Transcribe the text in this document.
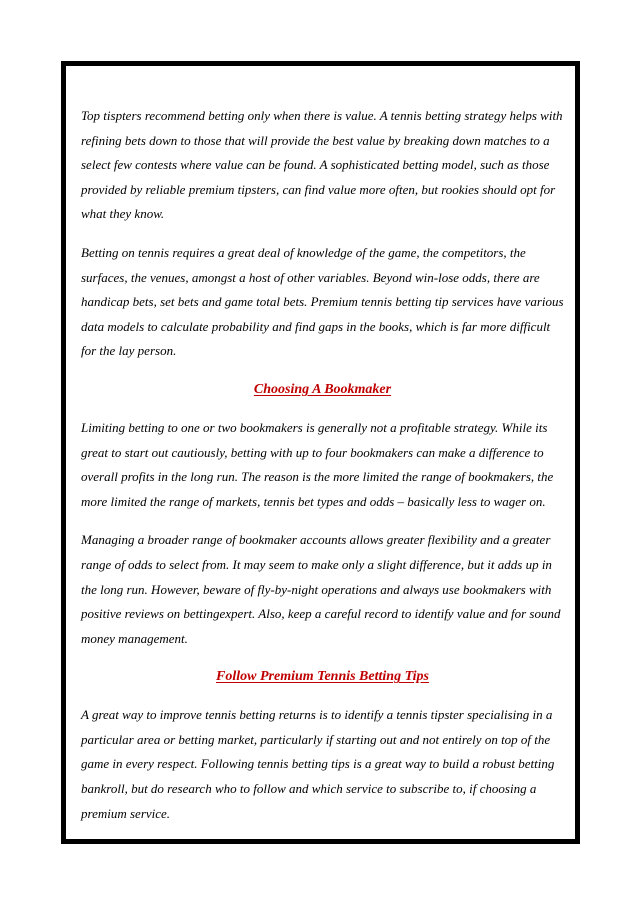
Top tispters recommend betting only when there is value. A tennis betting strategy helps with refining bets down to those that will provide the best value by breaking down matches to a select few contests where value can be found. A sophisticated betting model, such as those provided by reliable premium tipsters, can find value more often, but rookies should opt for what they know.

Betting on tennis requires a great deal of knowledge of the game, the competitors, the surfaces, the venues, amongst a host of other variables. Beyond win-lose odds, there are handicap bets, set bets and game total bets. Premium tennis betting tip services have various data models to calculate probability and find gaps in the books, which is far more difficult for the lay person.

Choosing A Bookmaker

Limiting betting to one or two bookmakers is generally not a profitable strategy. While its great to start out cautiously, betting with up to four bookmakers can make a difference to overall profits in the long run. The reason is the more limited the range of bookmakers, the more limited the range of markets, tennis bet types and odds – basically less to wager on.

Managing a broader range of bookmaker accounts allows greater flexibility and a greater range of odds to select from. It may seem to make only a slight difference, but it adds up in the long run. However, beware of fly-by-night operations and always use bookmakers with positive reviews on bettingexpert. Also, keep a careful record to identify value and for sound money management.

Follow Premium Tennis Betting Tips

A great way to improve tennis betting returns is to identify a tennis tipster specialising in a particular area or betting market, particularly if starting out and not entirely on top of the game in every respect. Following tennis betting tips is a great way to build a robust betting bankroll, but do research who to follow and which service to subscribe to, if choosing a premium service.
